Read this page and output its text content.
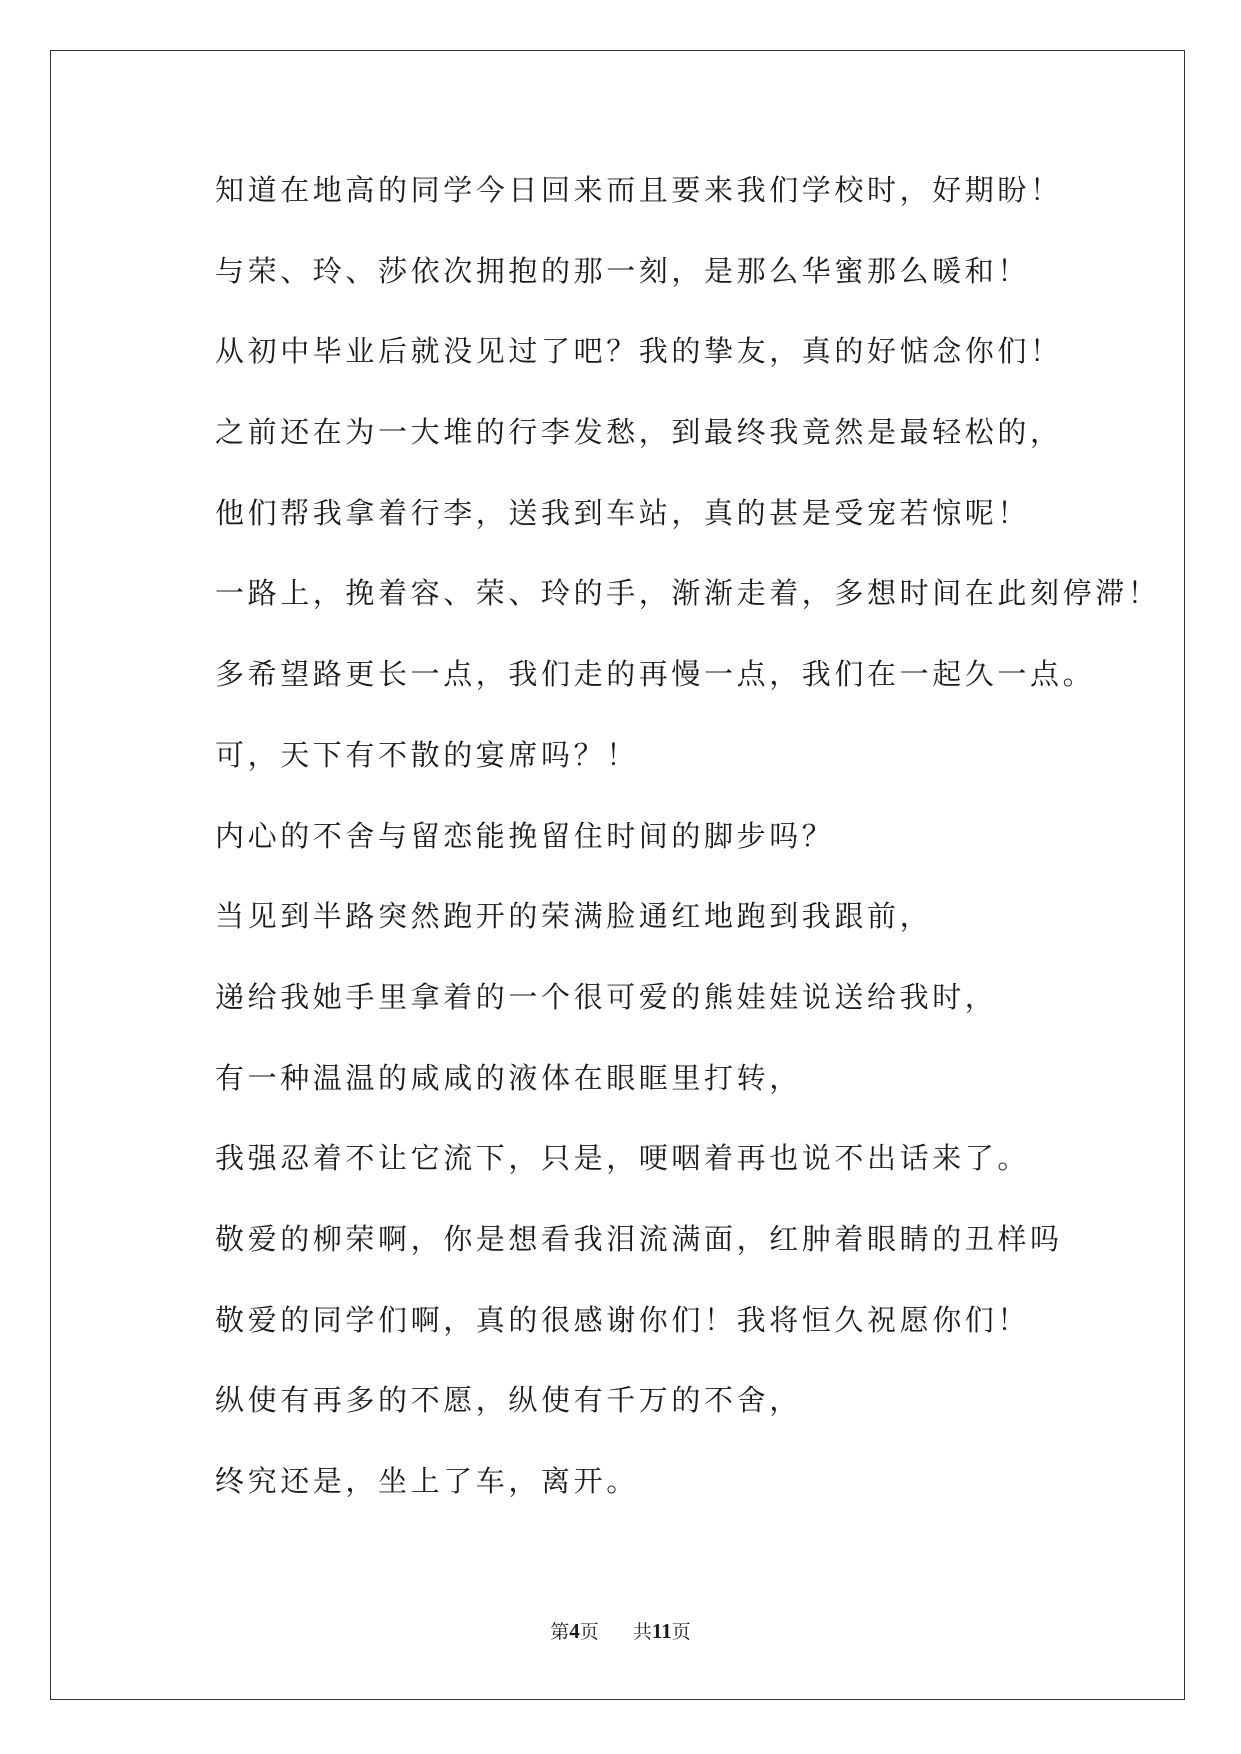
知道在地高的同学今日回来而且要来我们学校时，好期盼！
与荣、玲、莎依次拥抱的那一刻，是那么华蜜那么暖和！
从初中毕业后就没见过了吧？我的挚友，真的好惦念你们！
之前还在为一大堆的行李发愁，到最终我竟然是最轻松的，
他们帮我拿着行李，送我到车站，真的甚是受宠若惊呢！
一路上，挽着容、荣、玲的手，渐渐走着，多想时间在此刻停滞！
多希望路更长一点，我们走的再慢一点，我们在一起久一点。
可，天下有不散的宴席吗？！
内心的不舍与留恋能挽留住时间的脚步吗？
当见到半路突然跑开的荣满脸通红地跑到我跟前，
递给我她手里拿着的一个很可爱的熊娃娃说送给我时，
有一种温温的咸咸的液体在眼眶里打转，
我强忍着不让它流下，只是，哽咽着再也说不出话来了。
敬爱的柳荣啊，你是想看我泪流满面，红肿着眼睛的丑样吗
敬爱的同学们啊，真的很感谢你们！我将恒久祝愿你们！
纵使有再多的不愿，纵使有千万的不舍，
终究还是，坐上了车，离开。
第4页 共11页
